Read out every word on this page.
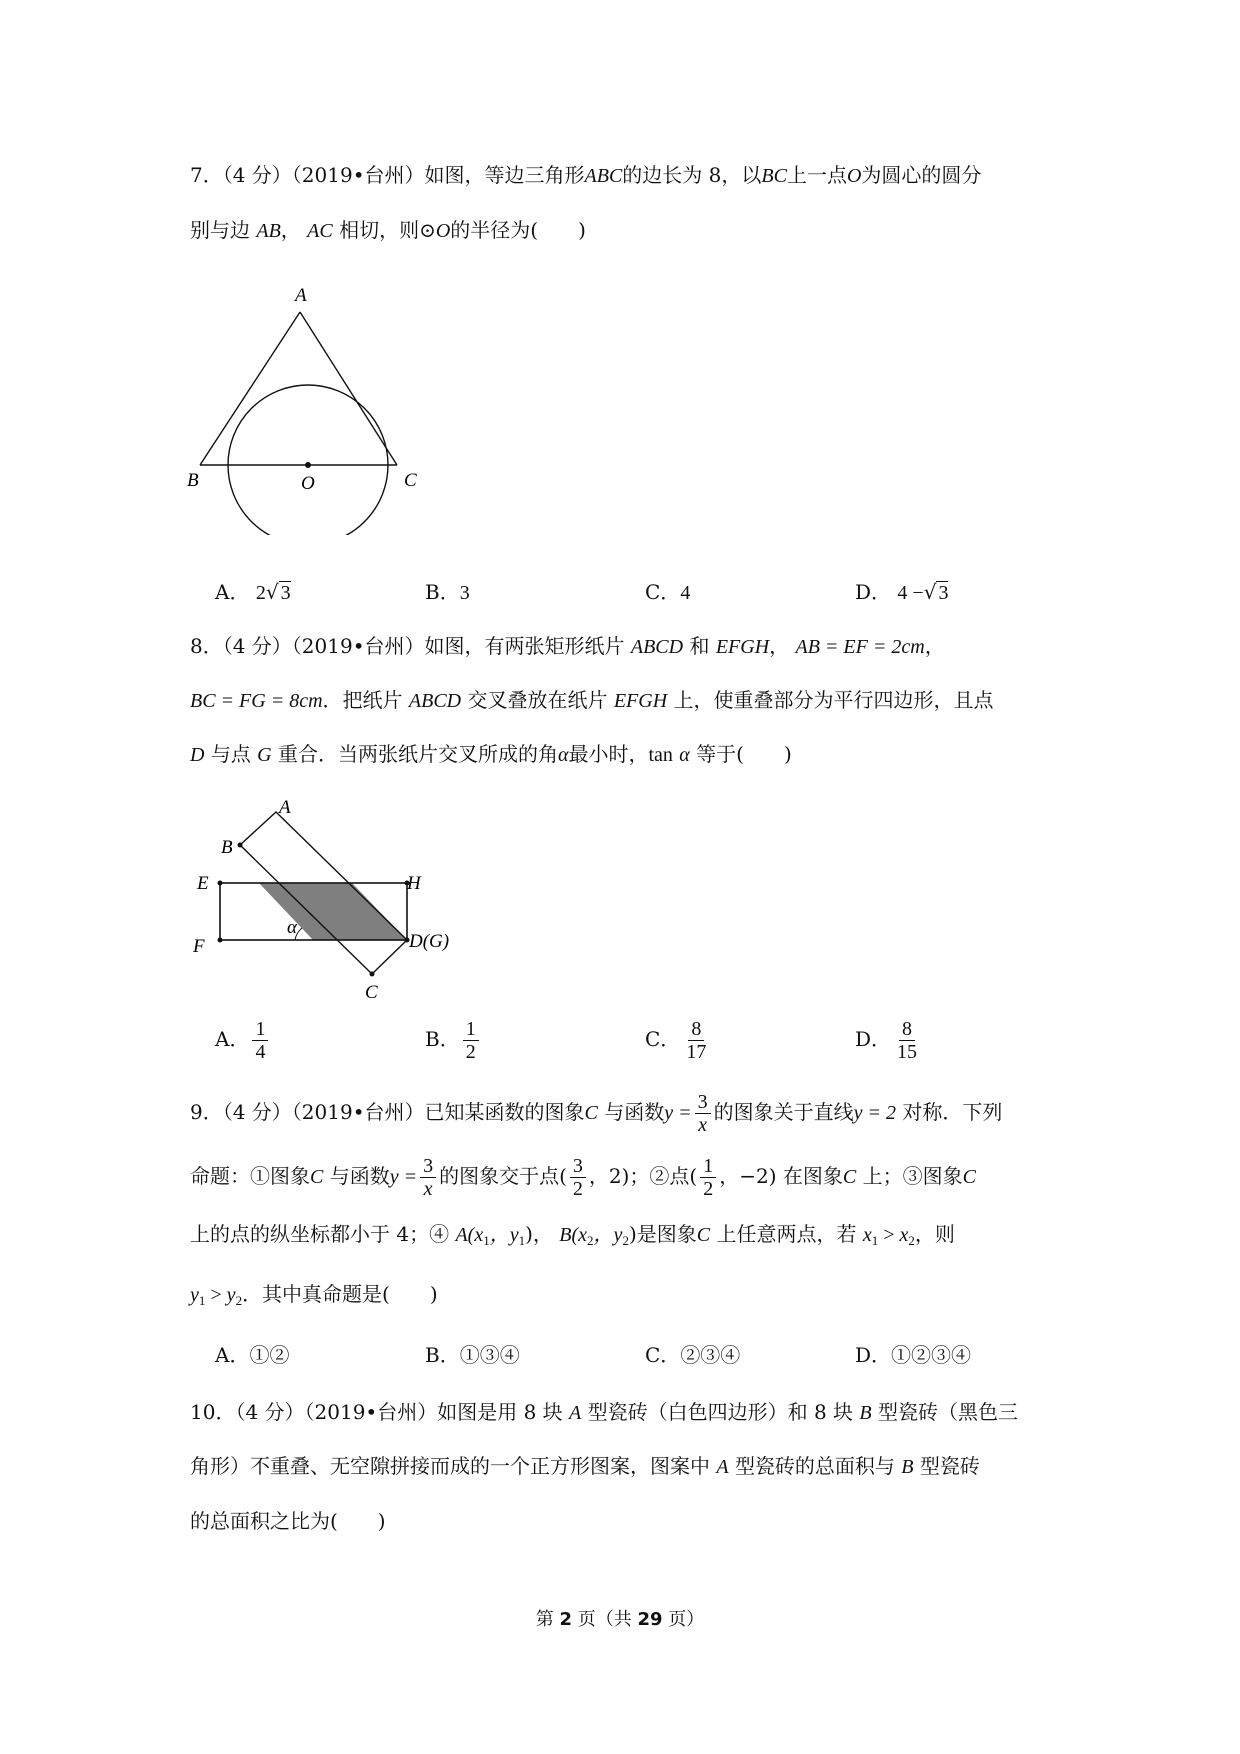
7．（4 分）（2019•台州）如图，等边三角形ABC的边长为 8，以BC上一点O为圆心的圆分
别与边 AB， AC 相切，则⊙O的半径为(　　)
A
B	C
O
A． 2√ 3	B．3	C．4	D． 4 −√ 3
8．（4 分）（2019•台州）如图，有两张矩形纸片 ABCD 和 EFGH， AB = EF = 2cm，
BC = FG = 8cm．把纸片 ABCD 交叉叠放在纸片 EFGH 上，使重叠部分为平行四边形，且点
D 与点 G 重合．当两张纸片交叉所成的角α最小时，tan α 等于(　　)
A
B
E	H
F	D(G)
C
α
A． $\frac{1}{4}$	B． $\frac{1}{2}$	C． $\frac{8}{17}$	D． $\frac{8}{15}$
9．（4 分）（2019•台州）已知某函数的图象C 与函数$y = \frac{3}{x}$ 的图象关于直线y = 2 对称．下列
命题：①图象C 与函数$y = \frac{3}{x}$ 的图象交于点( $\frac{3}{2}$ ，2)；②点( $\frac{1}{2}$ ，−2) 在图象C 上；③图象C
上的点的纵坐标都小于 4；④ $A(x_1$，$y_1$)， $B(x_2$，$y_2$)是图象C 上任意两点，若 $x_1 > x_2$，则
$y_1 > y_2$．其中真命题是(　　)
A．①②	B．①③④	C．②③④	D．①②③④
10．（4 分）（2019•台州）如图是用 8 块 A 型瓷砖（白色四边形）和 8 块 B 型瓷砖（黑色三
角形）不重叠、无空隙拼接而成的一个正方形图案，图案中 A 型瓷砖的总面积与 B 型瓷砖
的总面积之比为(　　)
第 2 页（共 29 页）
